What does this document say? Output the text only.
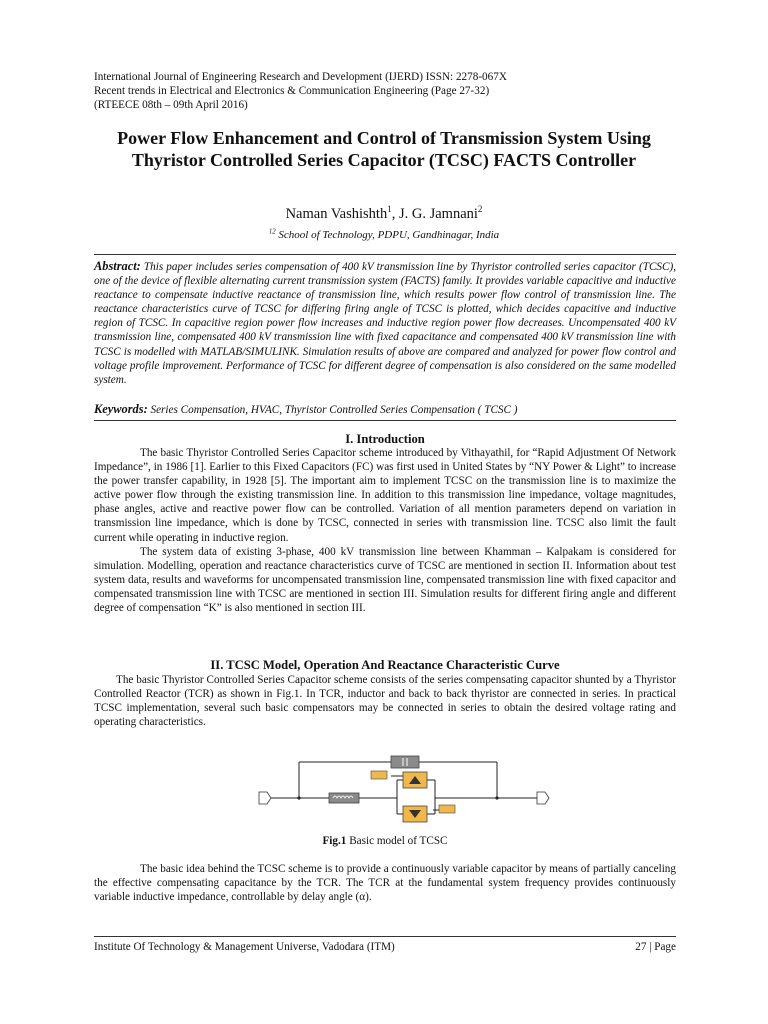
International Journal of Engineering Research and Development (IJERD) ISSN: 2278-067X
Recent trends in Electrical and Electronics & Communication Engineering (Page 27-32)
(RTEECE 08th – 09th April 2016)
Power Flow Enhancement and Control of Transmission System Using Thyristor Controlled Series Capacitor (TCSC) FACTS Controller
Naman Vashishth$^1$, J. G. Jamnani$^2$
$^{12}$ School of Technology, PDPU, Gandhinagar, India
Abstract: This paper includes series compensation of 400 kV transmission line by Thyristor controlled series capacitor (TCSC), one of the device of flexible alternating current transmission system (FACTS) family. It provides variable capacitive and inductive reactance to compensate inductive reactance of transmission line, which results power flow control of transmission line. The reactance characteristics curve of TCSC for differing firing angle of TCSC is plotted, which decides capacitive and inductive region of TCSC. In capacitive region power flow increases and inductive region power flow decreases. Uncompensated 400 kV transmission line, compensated 400 kV transmission line with fixed capacitance and compensated 400 kV transmission line with TCSC is modelled with MATLAB/SIMULINK. Simulation results of above are compared and analyzed for power flow control and voltage profile improvement. Performance of TCSC for different degree of compensation is also considered on the same modelled system.
Keywords: Series Compensation, HVAC, Thyristor Controlled Series Compensation ( TCSC )
I. Introduction

The basic Thyristor Controlled Series Capacitor scheme introduced by Vithayathil, for “Rapid Adjustment Of Network Impedance”, in 1986 [1]. Earlier to this Fixed Capacitors (FC) was first used in United States by “NY Power & Light” to increase the power transfer capability, in 1928 [5]. The important aim to implement TCSC on the transmission line is to maximize the active power flow through the existing transmission line. In addition to this transmission line impedance, voltage magnitudes, phase angles, active and reactive power flow can be controlled. Variation of all mention parameters depend on variation in transmission line impedance, which is done by TCSC, connected in series with transmission line. TCSC also limit the fault current while operating in inductive region.

The system data of existing 3-phase, 400 kV transmission line between Khamman – Kalpakam is considered for simulation. Modelling, operation and reactance characteristics curve of TCSC are mentioned in section II. Information about test system data, results and waveforms for uncompensated transmission line, compensated transmission line with fixed capacitor and compensated transmission line with TCSC are mentioned in section III. Simulation results for different firing angle and different degree of compensation “K” is also mentioned in section III.

II. TCSC Model, Operation And Reactance Characteristic Curve

The basic Thyristor Controlled Series Capacitor scheme consists of the series compensating capacitor shunted by a Thyristor Controlled Reactor (TCR) as shown in Fig.1. In TCR, inductor and back to back thyristor are connected in series. In practical TCSC implementation, several such basic compensators may be connected in series to obtain the desired voltage rating and operating characteristics.

Fig.1 Basic model of TCSC

The basic idea behind the TCSC scheme is to provide a continuously variable capacitor by means of partially canceling the effective compensating capacitance by the TCR. The TCR at the fundamental system frequency provides continuously variable inductive impedance, controllable by delay angle (α).

Institute Of Technology & Management Universe, Vadodara (ITM)	27 | Page
